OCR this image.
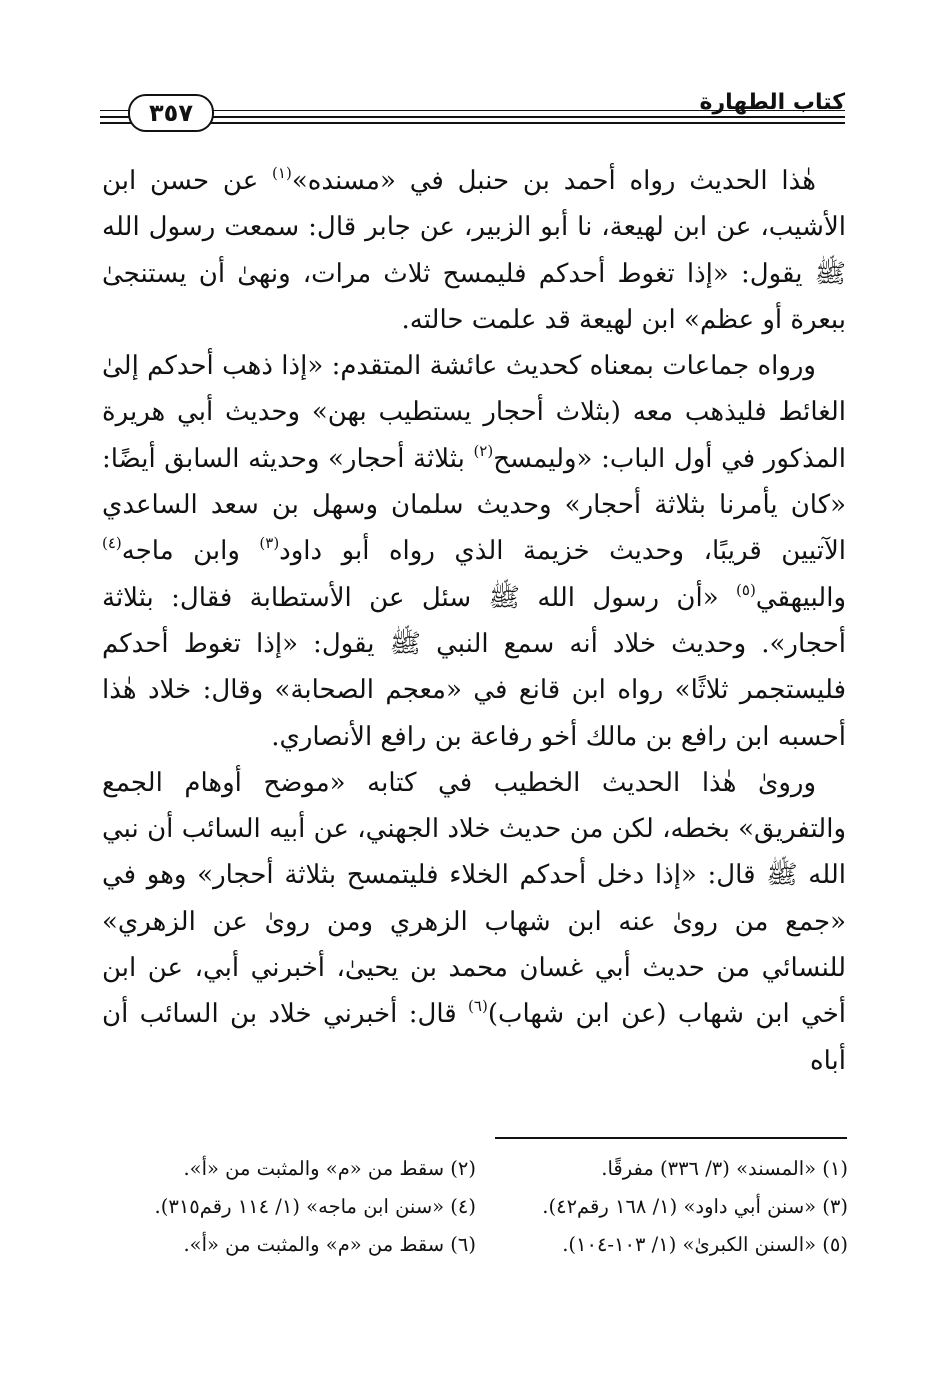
كتاب الطهارة
٣٥٧

هٰذا الحديث رواه أحمد بن حنبل في «مسنده»$^{(١)}$ عن حسن ابن الأشيب، عن ابن لهيعة، نا أبو الزبير، عن جابر قال: سمعت رسول الله ﷺ يقول: «إذا تغوط أحدكم فليمسح ثلاث مرات، ونهىٰ أن يستنجىٰ ببعرة أو عظم» ابن لهيعة قد علمت حالته.

ورواه جماعات بمعناه كحديث عائشة المتقدم: «إذا ذهب أحدكم إلىٰ الغائط فليذهب معه (بثلاث أحجار يستطيب بهن» وحديث أبي هريرة المذكور في أول الباب: «وليمسح$^{(٢)}$ بثلاثة أحجار» وحديثه السابق أيضًا: «كان يأمرنا بثلاثة أحجار» وحديث سلمان وسهل بن سعد الساعدي الآتيين قريبًا، وحديث خزيمة الذي رواه أبو داود$^{(٣)}$ وابن ماجه$^{(٤)}$ والبيهقي$^{(٥)}$ «أن رسول الله ﷺ سئل عن الأستطابة فقال: بثلاثة أحجار». وحديث خلاد أنه سمع النبي ﷺ يقول: «إذا تغوط أحدكم فليستجمر ثلاثًا» رواه ابن قانع في «معجم الصحابة» وقال: خلاد هٰذا أحسبه ابن رافع بن مالك أخو رفاعة بن رافع الأنصاري.

وروىٰ هٰذا الحديث الخطيب في كتابه «موضح أوهام الجمع والتفريق» بخطه، لكن من حديث خلاد الجهني، عن أبيه السائب أن نبي الله ﷺ قال: «إذا دخل أحدكم الخلاء فليتمسح بثلاثة أحجار» وهو في «جمع من روىٰ عنه ابن شهاب الزهري ومن روىٰ عن الزهري» للنسائي من حديث أبي غسان محمد بن يحيىٰ، أخبرني أبي، عن ابن أخي ابن شهاب (عن ابن شهاب)$^{(٦)}$ قال: أخبرني خلاد بن السائب أن أباه

(١) «المسند» (٣/ ٣٣٦) مفرقًا.
(٢) سقط من «م» والمثبت من «أ».
(٣) «سنن أبي داود» (١/ ١٦٨ رقم٤٢).
(٤) «سنن ابن ماجه» (١/ ١١٤ رقم٣١٥).
(٥) «السنن الكبرىٰ» (١/ ١٠٣-١٠٤).
(٦) سقط من «م» والمثبت من «أ».
